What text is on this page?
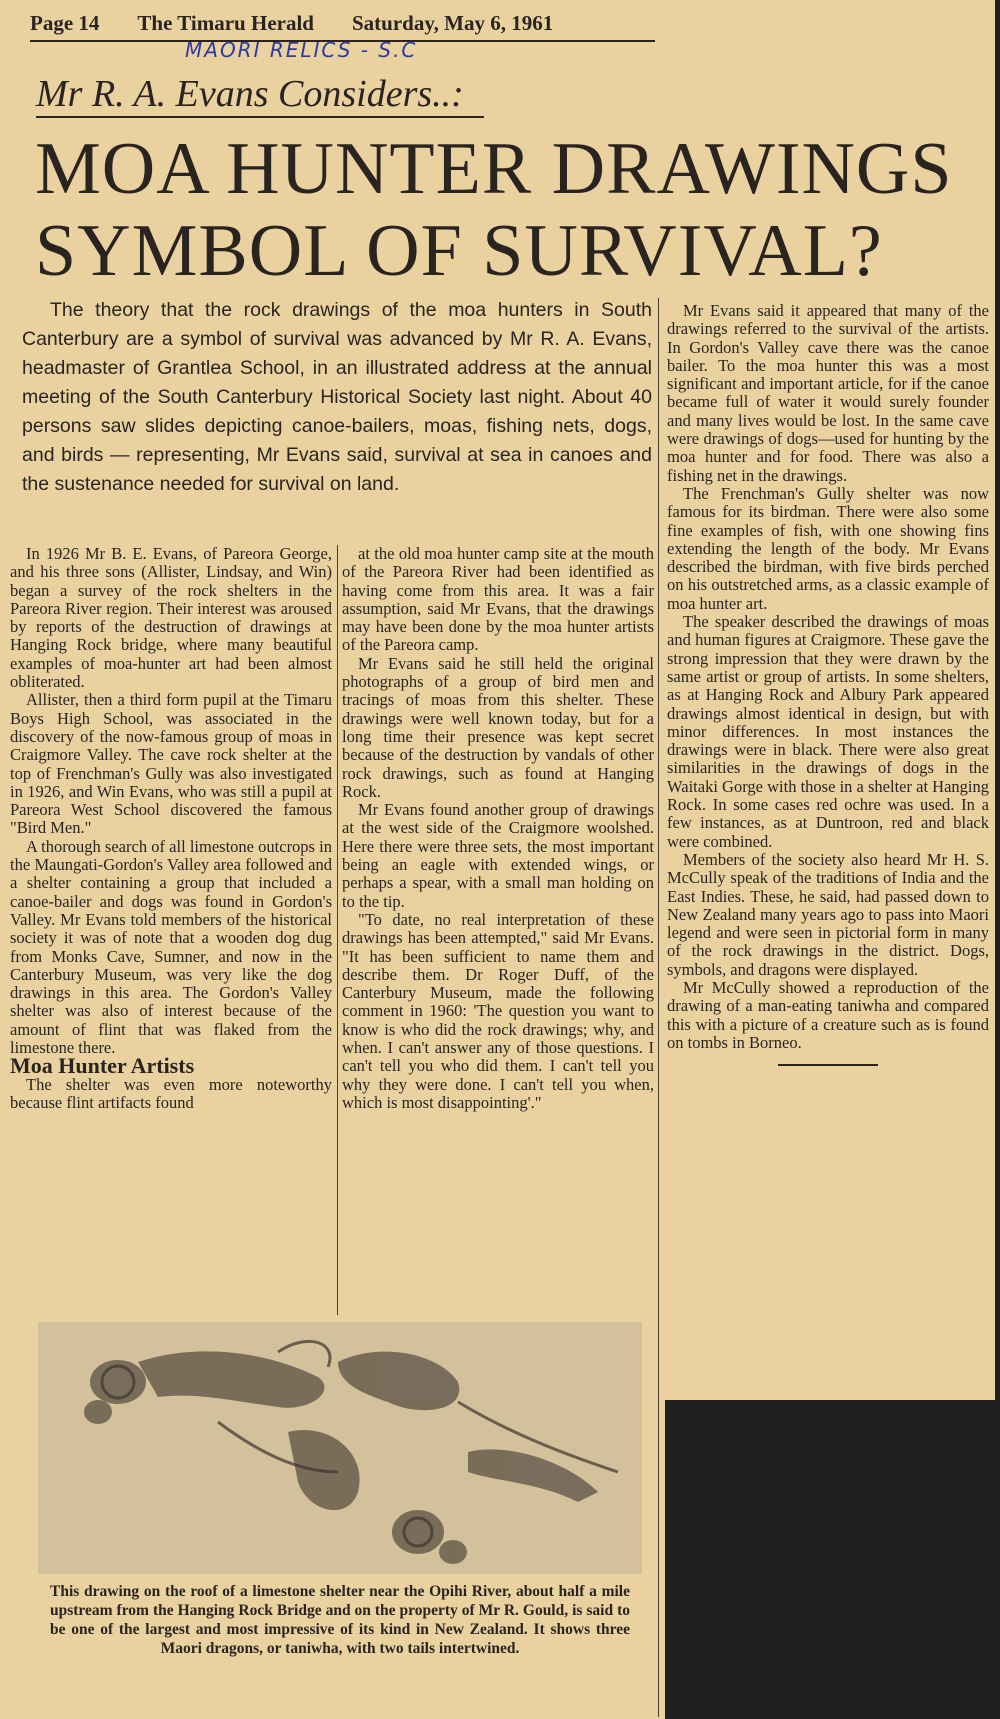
Page 14 The Timaru Herald Saturday, May 6, 1961
MAORI RELICS - S.C
Mr R. A. Evans Considers..:
MOA HUNTER DRAWINGS
SYMBOL OF SURVIVAL?
The theory that the rock drawings of the moa hunters in South Canterbury are a symbol of survival was advanced by Mr R. A. Evans, headmaster of Grantlea School, in an illustrated address at the annual meeting of the South Canterbury Historical Society last night. About 40 persons saw slides depicting canoe-bailers, moas, fishing nets, dogs, and birds — representing, Mr Evans said, survival at sea in canoes and the sustenance needed for survival on land.

In 1926 Mr B. E. Evans, of Pareora George, and his three sons (Allister, Lindsay, and Win) began a survey of the rock shelters in the Pareora River region. Their interest was aroused by reports of the destruction of drawings at Hanging Rock bridge, where many beautiful examples of moa-hunter art had been almost obliterated.

Allister, then a third form pupil at the Timaru Boys High School, was associated in the discovery of the now-famous group of moas in Craigmore Valley. The cave rock shelter at the top of Frenchman's Gully was also investigated in 1926, and Win Evans, who was still a pupil at Pareora West School discovered the famous "Bird Men."

A thorough search of all limestone outcrops in the Maungati-Gordon's Valley area followed and a shelter containing a group that included a canoe-bailer and dogs was found in Gordon's Valley. Mr Evans told members of the historical society it was of note that a wooden dog dug from Monks Cave, Sumner, and now in the Canterbury Museum, was very like the dog drawings in this area. The Gordon's Valley shelter was also of interest because of the amount of flint that was flaked from the limestone there.

Moa Hunter Artists

The shelter was even more noteworthy because flint artifacts found

at the old moa hunter camp site at the mouth of the Pareora River had been identified as having come from this area. It was a fair assumption, said Mr Evans, that the drawings may have been done by the moa hunter artists of the Pareora camp.

Mr Evans said he still held the original photographs of a group of bird men and tracings of moas from this shelter. These drawings were well known today, but for a long time their presence was kept secret because of the destruction by vandals of other rock drawings, such as found at Hanging Rock.

Mr Evans found another group of drawings at the west side of the Craigmore woolshed. Here there were three sets, the most important being an eagle with extended wings, or perhaps a spear, with a small man holding on to the tip.

"To date, no real interpretation of these drawings has been attempted," said Mr Evans. "It has been sufficient to name them and describe them. Dr Roger Duff, of the Canterbury Museum, made the following comment in 1960: 'The question you want to know is who did the rock drawings; why, and when. I can't answer any of those questions. I can't tell you who did them. I can't tell you why they were done. I can't tell you when, which is most disappointing'."

Mr Evans said it appeared that many of the drawings referred to the survival of the artists. In Gordon's Valley cave there was the canoe bailer. To the moa hunter this was a most significant and important article, for if the canoe became full of water it would surely founder and many lives would be lost. In the same cave were drawings of dogs—used for hunting by the moa hunter and for food. There was also a fishing net in the drawings.

The Frenchman's Gully shelter was now famous for its birdman. There were also some fine examples of fish, with one showing fins extending the length of the body. Mr Evans described the birdman, with five birds perched on his outstretched arms, as a classic example of moa hunter art.

The speaker described the drawings of moas and human figures at Craigmore. These gave the strong impression that they were drawn by the same artist or group of artists. In some shelters, as at Hanging Rock and Albury Park appeared drawings almost identical in design, but with minor differences. In most instances the drawings were in black. There were also great similarities in the drawings of dogs in the Waitaki Gorge with those in a shelter at Hanging Rock. In some cases red ochre was used. In a few instances, as at Duntroon, red and black were combined.

Members of the society also heard Mr H. S. McCully speak of the traditions of India and the East Indies. These, he said, had passed down to New Zealand many years ago to pass into Maori legend and were seen in pictorial form in many of the rock drawings in the district. Dogs, symbols, and dragons were displayed.

Mr McCully showed a reproduction of the drawing of a man-eating taniwha and compared this with a picture of a creature such as is found on tombs in Borneo.

This drawing on the roof of a limestone shelter near the Opihi River, about half a mile upstream from the Hanging Rock Bridge and on the property of Mr R. Gould, is said to be one of the largest and most impressive of its kind in New Zealand. It shows three Maori dragons, or taniwha, with two tails intertwined.
